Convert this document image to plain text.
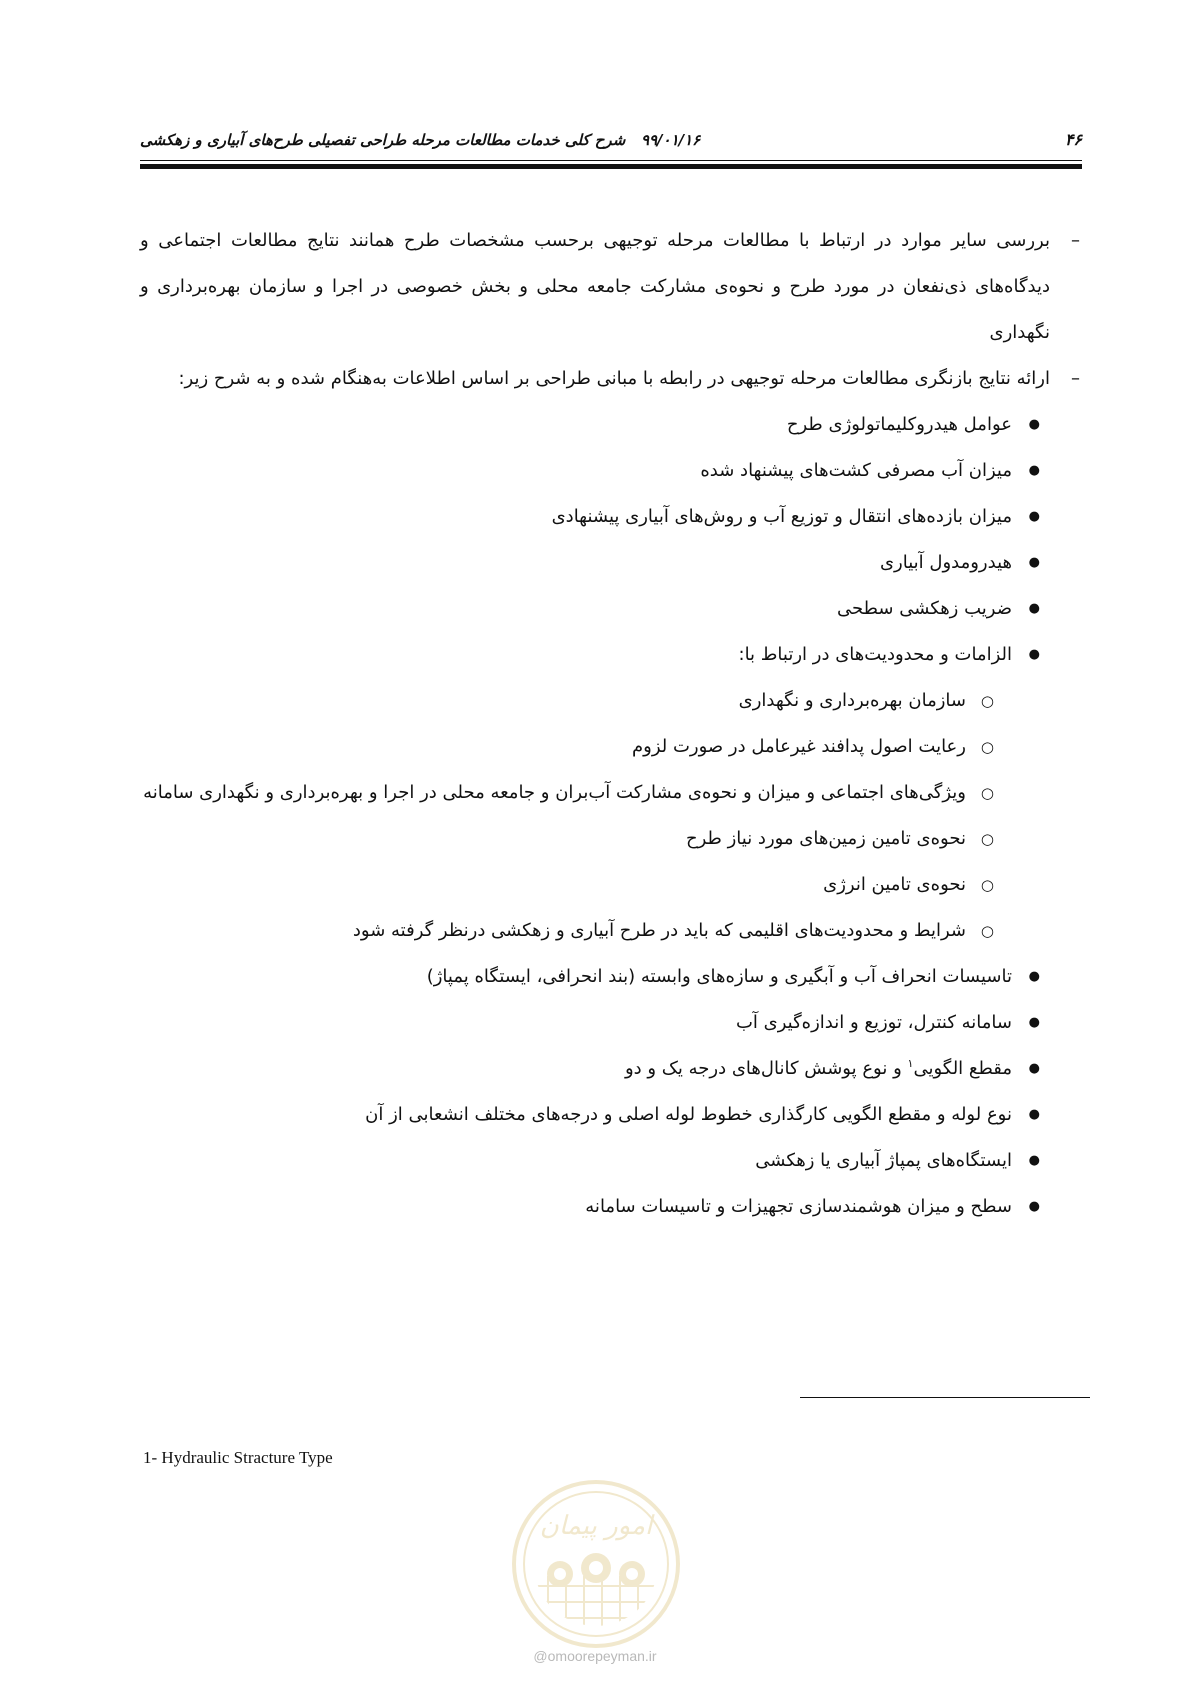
۴۶
۹۹/۰۱/۱۶   شرح کلی خدمات مطالعات مرحله طراحی تفصیلی طرح‌های آبیاری و زهکشی
–
بررسی سایر موارد در ارتباط با مطالعات مرحله توجیهی برحسب مشخصات طرح همانند نتایج مطالعات اجتماعی و دیدگاه‌های ذی‌نفعان در مورد طرح و نحوه‌ی مشارکت جامعه محلی و بخش خصوصی در اجرا و سازمان بهره‌برداری و نگهداری
–
ارائه نتایج بازنگری مطالعات مرحله توجیهی در رابطه با مبانی طراحی بر اساس اطلاعات به‌هنگام شده و به شرح زیر:
●
عوامل هیدروکلیماتولوژی طرح
●
میزان آب مصرفی کشت‌های پیشنهاد شده
●
میزان بازده‌های انتقال و توزیع آب و روش‌های آبیاری پیشنهادی
●
هیدرومدول آبیاری
●
ضریب زهکشی سطحی
●
الزامات و محدودیت‌های در ارتباط با:
○
سازمان بهره‌برداری و نگهداری
○
رعایت اصول پدافند غیرعامل در صورت لزوم
○
ویژگی‌های اجتماعی و میزان و نحوه‌ی مشارکت آب‌بران و جامعه محلی در اجرا و بهره‌برداری و نگهداری سامانه
○
نحوه‌ی تامین زمین‌های مورد نیاز طرح
○
نحوه‌ی تامین انرژی
○
شرایط و محدودیت‌های اقلیمی که باید در طرح آبیاری و زهکشی درنظر گرفته شود
●
تاسیسات انحراف آب و آبگیری و سازه‌های وابسته (بند انحرافی، ایستگاه پمپاژ)
●
سامانه کنترل، توزیع و اندازه‌گیری آب
●
مقطع الگویی$^۱$ و نوع پوشش کانال‌های درجه یک و دو
●
نوع لوله و مقطع الگویی کارگذاری خطوط لوله اصلی و درجه‌های مختلف انشعابی از آن
●
ایستگاه‌های پمپاژ آبیاری یا زهکشی
●
سطح و میزان هوشمندسازی تجهیزات و تاسیسات سامانه
1- Hydraulic Stracture Type
امور پیمان
@omoorepeyman.ir
